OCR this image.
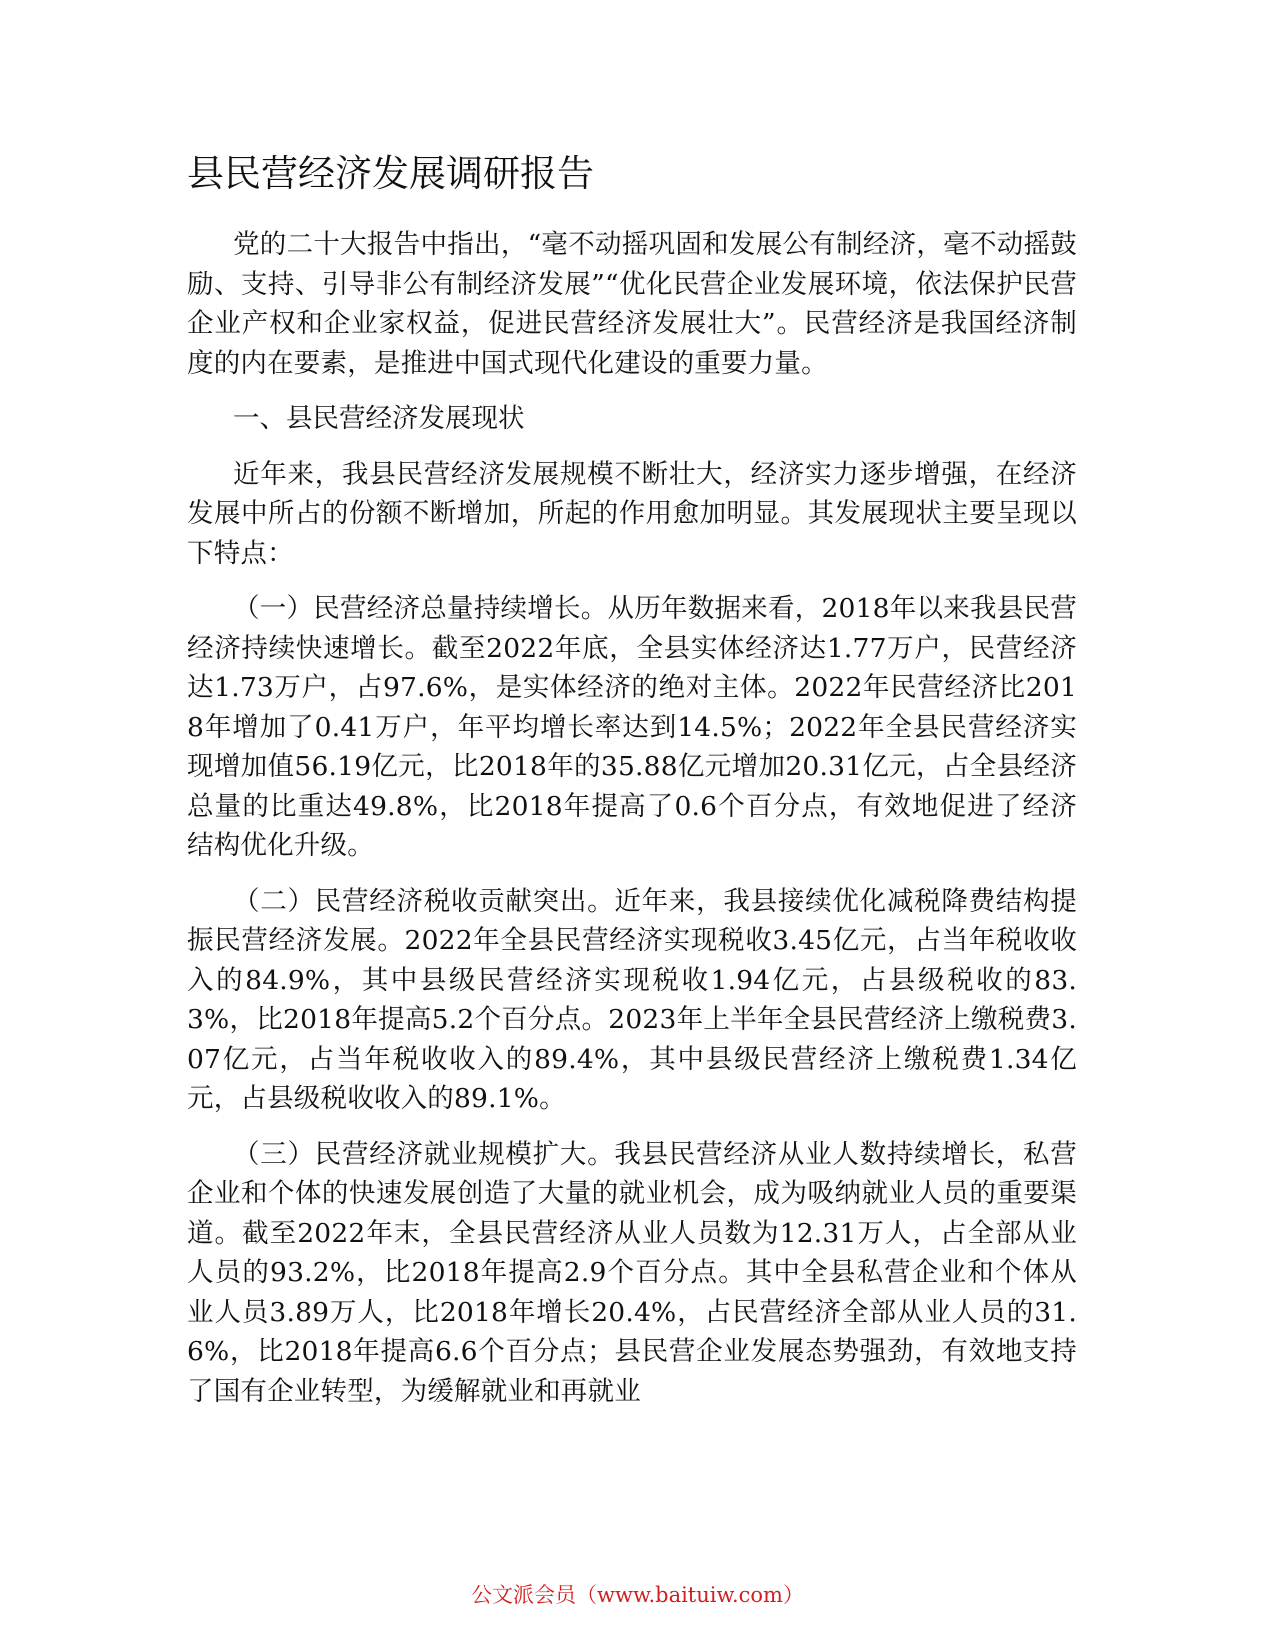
县民营经济发展调研报告

党的二十大报告中指出，“毫不动摇巩固和发展公有制经济，毫不动摇鼓励、支持、引导非公有制经济发展”“优化民营企业发展环境，依法保护民营企业产权和企业家权益，促进民营经济发展壮大”。民营经济是我国经济制度的内在要素，是推进中国式现代化建设的重要力量。

一、县民营经济发展现状

近年来，我县民营经济发展规模不断壮大，经济实力逐步增强，在经济发展中所占的份额不断增加，所起的作用愈加明显。其发展现状主要呈现以下特点：

（一）民营经济总量持续增长。从历年数据来看，2018年以来我县民营经济持续快速增长。截至2022年底，全县实体经济达1.77万户，民营经济达1.73万户，占97.6%，是实体经济的绝对主体。2022年民营经济比2018年增加了0.41万户，年平均增长率达到14.5%；2022年全县民营经济实现增加值56.19亿元，比2018年的35.88亿元增加20.31亿元，占全县经济总量的比重达49.8%，比2018年提高了0.6个百分点，有效地促进了经济结构优化升级。

（二）民营经济税收贡献突出。近年来，我县接续优化减税降费结构提振民营经济发展。2022年全县民营经济实现税收3.45亿元，占当年税收收入的84.9%，其中县级民营经济实现税收1.94亿元，占县级税收的83.3%，比2018年提高5.2个百分点。2023年上半年全县民营经济上缴税费3.07亿元，占当年税收收入的89.4%，其中县级民营经济上缴税费1.34亿元，占县级税收收入的89.1%。

（三）民营经济就业规模扩大。我县民营经济从业人数持续增长，私营企业和个体的快速发展创造了大量的就业机会，成为吸纳就业人员的重要渠道。截至2022年末，全县民营经济从业人员数为12.31万人，占全部从业人员的93.2%，比2018年提高2.9个百分点。其中全县私营企业和个体从业人员3.89万人，比2018年增长20.4%，占民营经济全部从业人员的31.6%，比2018年提高6.6个百分点；县民营企业发展态势强劲，有效地支持了国有企业转型，为缓解就业和再就业

公文派会员（www.baituiw.com）
